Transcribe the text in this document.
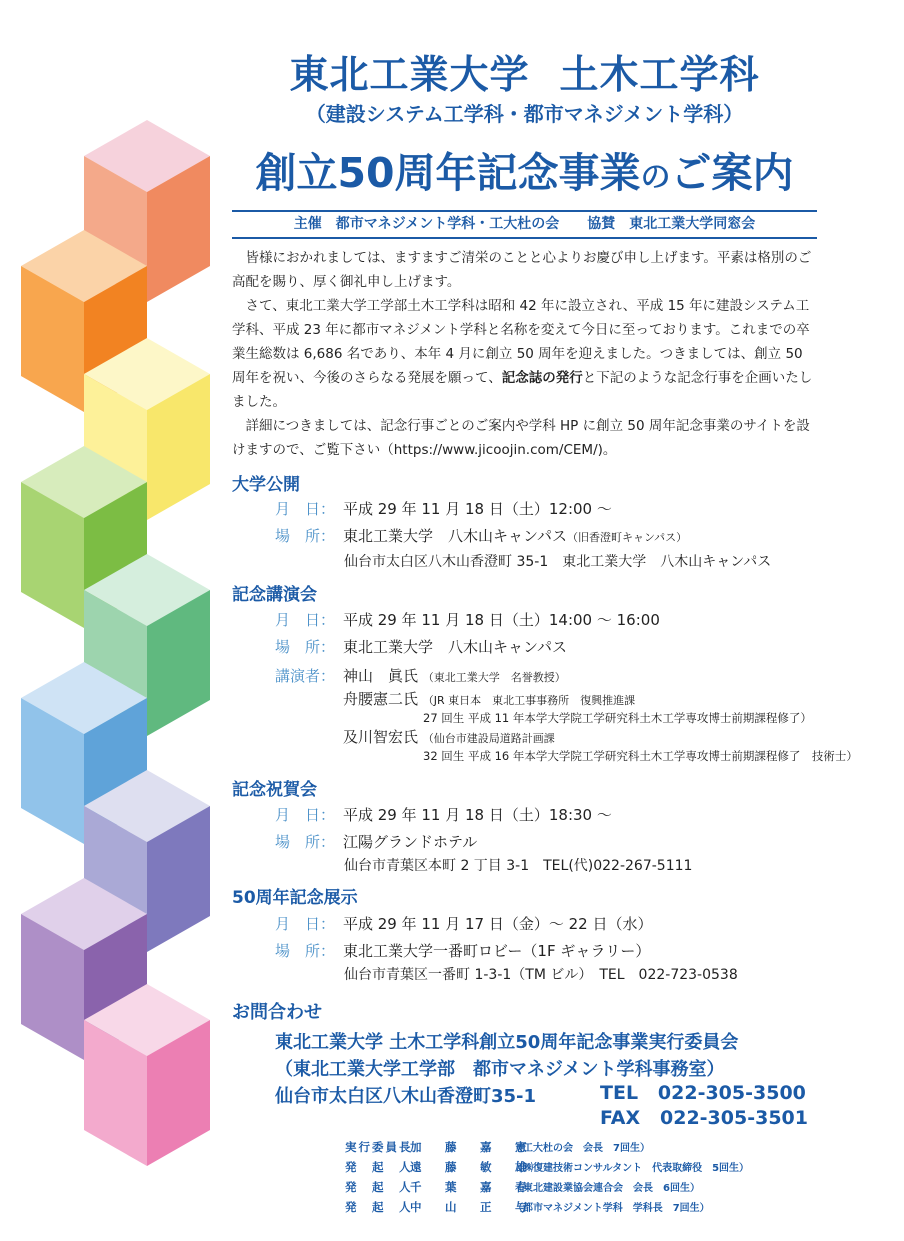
東北工業大学 土木工学科
（建設システム工学科・都市マネジメント学科）
創立50周年記念事業のご案内
主催　都市マネジメント学科・工大杜の会 協賛　東北工業大学同窓会

皆様におかれましては、ますますご清栄のことと心よりお慶び申し上げます。平素は格別のご高配を賜り、厚く御礼申し上げます。

さて、東北工業大学工学部土木工学科は昭和 42 年に設立され、平成 15 年に建設システム工学科、平成 23 年に都市マネジメント学科と名称を変えて今日に至っております。これまでの卒業生総数は 6,686 名であり、本年 4 月に創立 50 周年を迎えました。つきましては、創立 50 周年を祝い、今後のさらなる発展を願って、記念誌の発行と下記のような記念行事を企画いたしました。

詳細につきましては、記念行事ごとのご案内や学科 HP に創立 50 周年記念事業のサイトを設けますので、ご覧下さい（https://www.jicoojin.com/CEM/)。

大学公開
月　日： 平成 29 年 11 月 18 日（土）12:00 〜
場　所： 東北工業大学　八木山キャンパス（旧香澄町キャンパス）
仙台市太白区八木山香澄町 35-1　東北工業大学　八木山キャンパス
記念講演会
月　日： 平成 29 年 11 月 18 日（土）14:00 〜 16:00
場　所： 東北工業大学　八木山キャンパス
講演者： 神山　眞氏 （東北工業大学　名誉教授）
舟腰憲二氏 （JR 東日本　東北工事事務所　復興推進課
27 回生 平成 11 年本学大学院工学研究科土木工学専攻博士前期課程修了）
及川智宏氏 （仙台市建設局道路計画課
32 回生 平成 16 年本学大学院工学研究科土木工学専攻博士前期課程修了　技術士）
記念祝賀会
月　日： 平成 29 年 11 月 18 日（土）18:30 〜
場　所： 江陽グランドホテル
仙台市青葉区本町 2 丁目 3-1　TEL(代)022-267-5111
50周年記念展示
月　日： 平成 29 年 11 月 17 日（金）〜 22 日（水）
場　所： 東北工業大学一番町ロビー（1F ギャラリー）
仙台市青葉区一番町 1-3-1（TM ビル）　TEL　022-723-0538
お問合わせ
東北工業大学 土木工学科創立50周年記念事業実行委員会
（東北工業大学工学部　都市マネジメント学科事務室）
仙台市太白区八木山香澄町35-1	TEL 022-305-3500
FAX 022-305-3501
実行委員長加　藤　嘉　憲（工大杜の会　会長　7回生）
発　起　人遠　藤　敏　雄（㈱復建技術コンサルタント　代表取締役　5回生）
発　起　人千　葉　嘉　春（東北建設業協会連合会　会長　6回生）
発　起　人中　山　正　与（都市マネジメント学科　学科長　7回生）
